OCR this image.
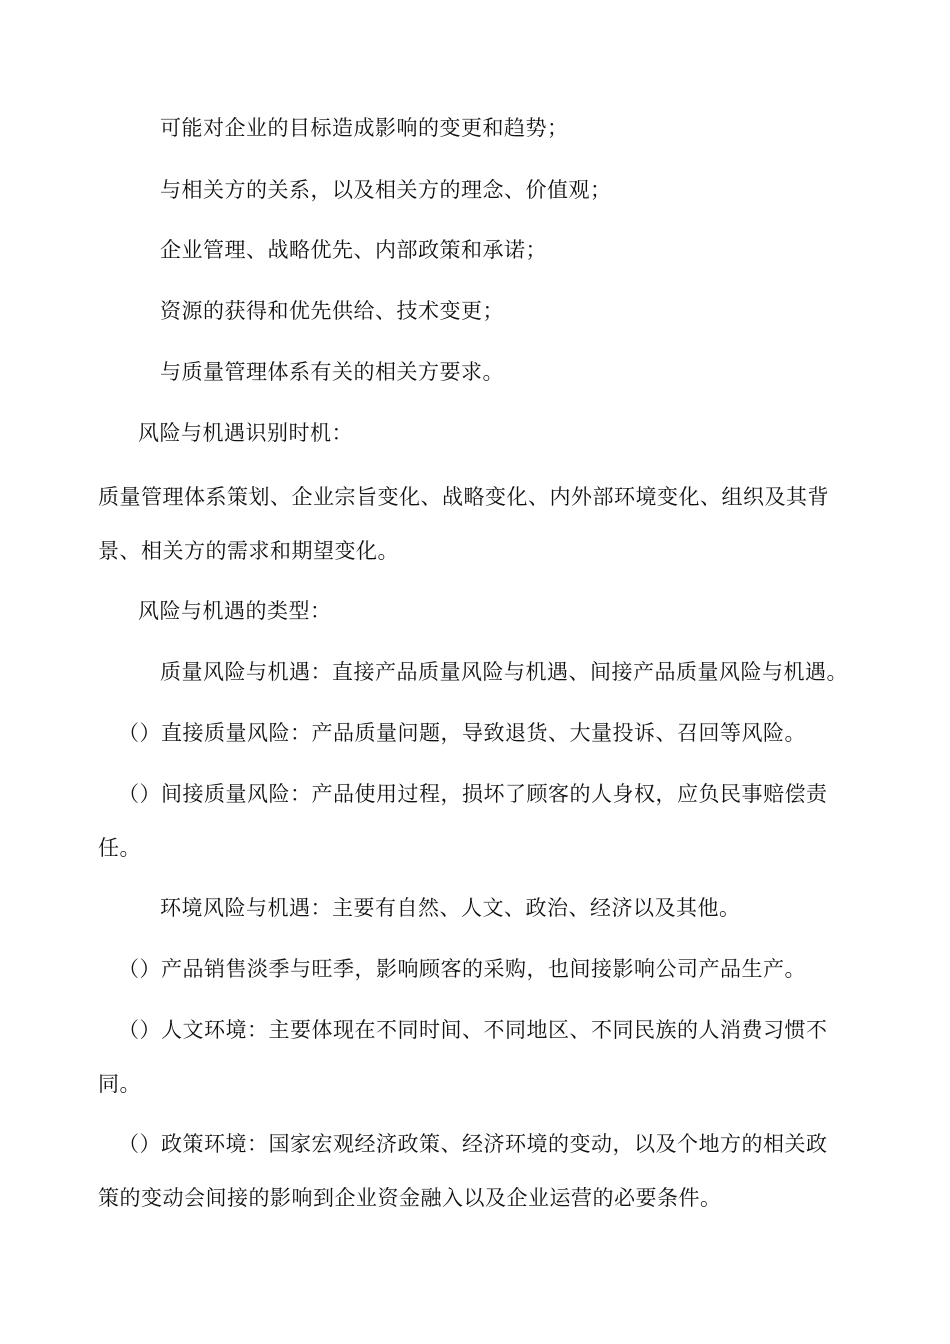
可能对企业的目标造成影响的变更和趋势；
与相关方的关系，以及相关方的理念、价值观；
企业管理、战略优先、内部政策和承诺；
资源的获得和优先供给、技术变更；
与质量管理体系有关的相关方要求。
风险与机遇识别时机：
质量管理体系策划、企业宗旨变化、战略变化、内外部环境变化、组织及其背
景、相关方的需求和期望变化。
风险与机遇的类型：
质量风险与机遇：直接产品质量风险与机遇、间接产品质量风险与机遇。
（）直接质量风险：产品质量问题，导致退货、大量投诉、召回等风险。
（）间接质量风险：产品使用过程，损坏了顾客的人身权，应负民事赔偿责
任。
环境风险与机遇：主要有自然、人文、政治、经济以及其他。
（）产品销售淡季与旺季，影响顾客的采购，也间接影响公司产品生产。
（）人文环境：主要体现在不同时间、不同地区、不同民族的人消费习惯不
同。
（）政策环境：国家宏观经济政策、经济环境的变动，以及个地方的相关政
策的变动会间接的影响到企业资金融入以及企业运营的必要条件。
